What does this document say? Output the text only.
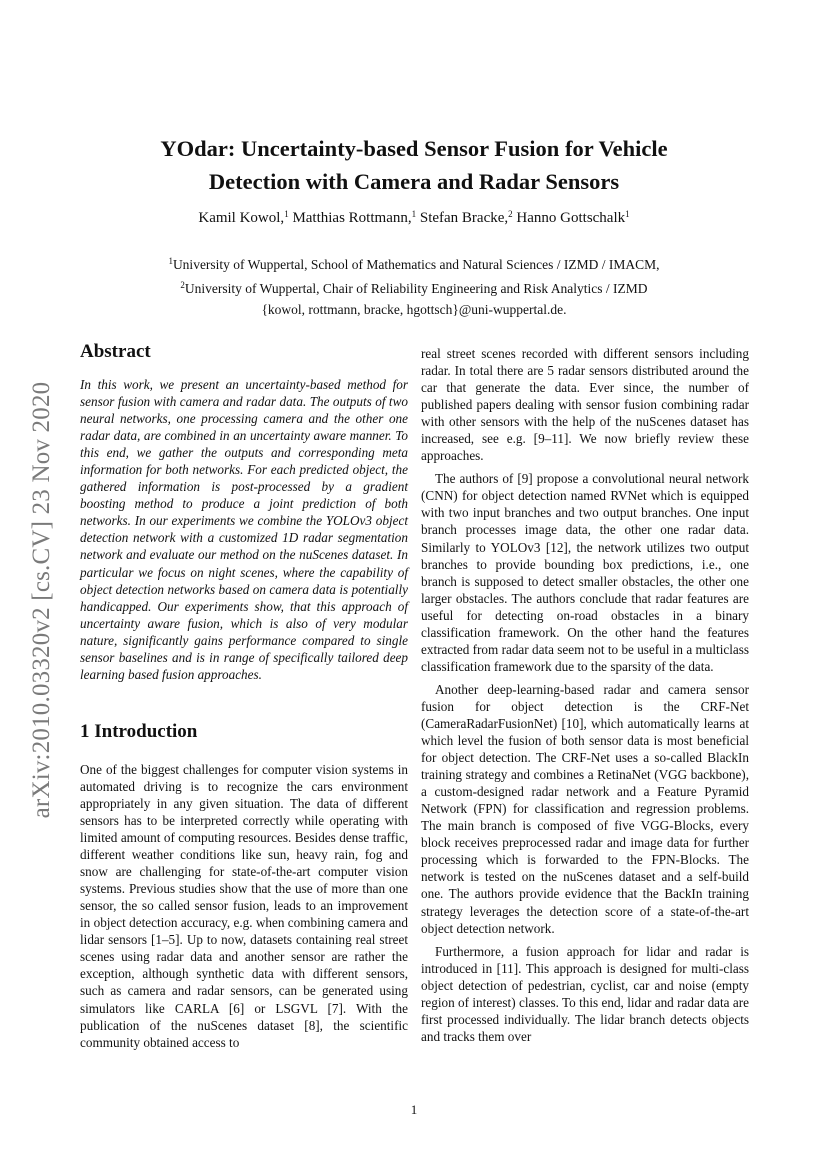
arXiv:2010.03320v2 [cs.CV] 23 Nov 2020
YOdar: Uncertainty-based Sensor Fusion for Vehicle
Detection with Camera and Radar Sensors
Kamil Kowol,$^1$ Matthias Rottmann,$^1$ Stefan Bracke,$^2$ Hanno Gottschalk$^1$
$^1$University of Wuppertal, School of Mathematics and Natural Sciences / IZMD / IMACM,
$^2$University of Wuppertal, Chair of Reliability Engineering and Risk Analytics / IZMD
{kowol, rottmann, bracke, hgottsch}@uni-wuppertal.de.
Abstract

In this work, we present an uncertainty-based method for sensor fusion with camera and radar data. The outputs of two neural networks, one processing camera and the other one radar data, are combined in an uncertainty aware manner. To this end, we gather the outputs and corresponding meta information for both networks. For each predicted object, the gathered information is post-processed by a gradient boosting method to produce a joint prediction of both networks. In our experiments we combine the YOLOv3 object detection network with a customized 1D radar segmentation network and evaluate our method on the nuScenes dataset. In particular we focus on night scenes, where the capability of object detection networks based on camera data is potentially handicapped. Our experiments show, that this approach of uncertainty aware fusion, which is also of very modular nature, significantly gains performance compared to single sensor baselines and is in range of specifically tailored deep learning based fusion approaches.

1 Introduction

One of the biggest challenges for computer vision systems in automated driving is to recognize the cars environment appropriately in any given situation. The data of different sensors has to be interpreted correctly while operating with limited amount of computing resources. Besides dense traffic, different weather conditions like sun, heavy rain, fog and snow are challenging for state-of-the-art computer vision systems. Previous studies show that the use of more than one sensor, the so called sensor fusion, leads to an improvement in object detection accuracy, e.g. when combining camera and lidar sensors [1–5]. Up to now, datasets containing real street scenes using radar data and another sensor are rather the exception, although synthetic data with different sensors, such as camera and radar sensors, can be generated using simulators like CARLA [6] or LSGVL [7]. With the publication of the nuScenes dataset [8], the scientific community obtained access to

real street scenes recorded with different sensors including radar. In total there are 5 radar sensors distributed around the car that generate the data. Ever since, the number of published papers dealing with sensor fusion combining radar with other sensors with the help of the nuScenes dataset has increased, see e.g. [9–11]. We now briefly review these approaches.

The authors of [9] propose a convolutional neural network (CNN) for object detection named RVNet which is equipped with two input branches and two output branches. One input branch processes image data, the other one radar data. Similarly to YOLOv3 [12], the network utilizes two output branches to provide bounding box predictions, i.e., one branch is supposed to detect smaller obstacles, the other one larger obstacles. The authors conclude that radar features are useful for detecting on-road obstacles in a binary classification framework. On the other hand the features extracted from radar data seem not to be useful in a multiclass classification framework due to the sparsity of the data.

Another deep-learning-based radar and camera sensor fusion for object detection is the CRF-Net (CameraRadarFusionNet) [10], which automatically learns at which level the fusion of both sensor data is most beneficial for object detection. The CRF-Net uses a so-called BlackIn training strategy and combines a RetinaNet (VGG backbone), a custom-designed radar network and a Feature Pyramid Network (FPN) for classification and regression problems. The main branch is composed of five VGG-Blocks, every block receives preprocessed radar and image data for further processing which is forwarded to the FPN-Blocks. The network is tested on the nuScenes dataset and a self-build one. The authors provide evidence that the BackIn training strategy leverages the detection score of a state-of-the-art object detection network.

Furthermore, a fusion approach for lidar and radar is introduced in [11]. This approach is designed for multi-class object detection of pedestrian, cyclist, car and noise (empty region of interest) classes. To this end, lidar and radar data are first processed individually. The lidar branch detects objects and tracks them over

1
